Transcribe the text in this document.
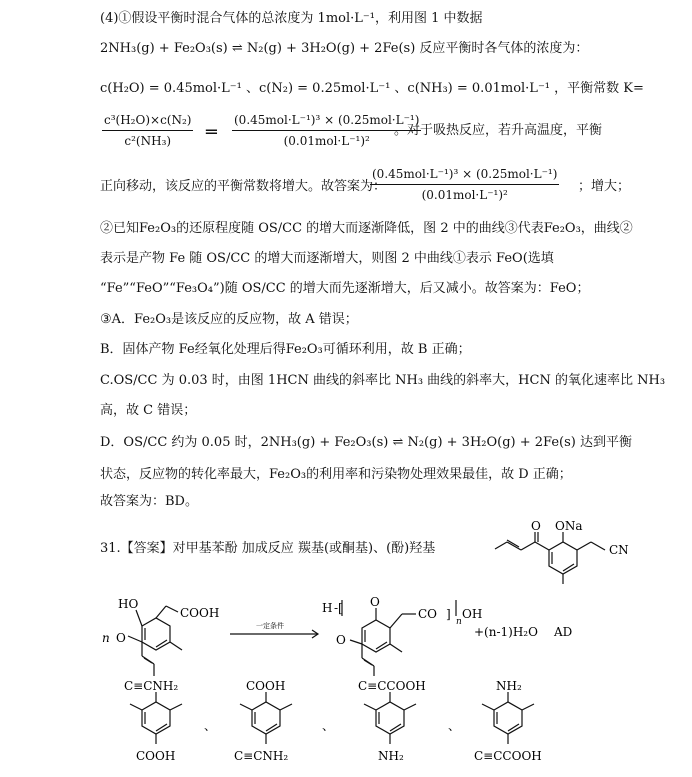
(4)①假设平衡时混合气体的总浓度为 1mol·L⁻¹，利用图 1 中数据
2NH₃(g) + Fe₂O₃(s) ⇌ N₂(g) + 3H₂O(g) + 2Fe(s) 反应平衡时各气体的浓度为：
c(H₂O) = 0.45mol·L⁻¹ 、c(N₂) = 0.25mol·L⁻¹ 、c(NH₃) = 0.01mol·L⁻¹ ，平衡常数 K=
$\frac{\text{c³(H₂O)×c(N₂)}}{\text{c²(NH₃)}}$ ═
(0.45mol·L⁻¹)³ × (0.25mol·L⁻¹)
(0.01mol·L⁻¹)²
。对于吸热反应，若升高温度，平衡
正向移动，该反应的平衡常数将增大。故答案为：
(0.45mol·L⁻¹)³ × (0.25mol·L⁻¹)
(0.01mol·L⁻¹)²
；增大；
②已知Fe₂O₃的还原程度随 OS/CC 的增大而逐渐降低，图 2 中的曲线③代表Fe₂O₃，曲线②
表示是产物 Fe 随 OS/CC 的增大而逐渐增大，则图 2 中曲线①表示 FeO(选填
“Fe”“FeO”“Fe₃O₄”)随 OS/CC 的增大而先逐渐增大，后又减小。故答案为：FeO；
③A．Fe₂O₃是该反应的反应物，故 A 错误；
B．固体产物 Fe经氧化处理后得Fe₂O₃可循环利用，故 B 正确；
C.OS/CC 为 0.03 时，由图 1HCN 曲线的斜率比 NH₃ 曲线的斜率大，HCN 的氧化速率比 NH₃
高，故 C 错误；
D．OS/CC 约为 0.05 时，2NH₃(g) + Fe₂O₃(s) ⇌ N₂(g) + 3H₂O(g) + 2Fe(s) 达到平衡
状态，反应物的转化率最大，Fe₂O₃的利用率和污染物处理效果最佳，故 D 正确；
故答案为：BD。
31.【答案】对甲基苯酚 加成反应 羰基(或酮基)、(酚)羟基
ONa
CN
O
n
HO
COOH
O
一定条件
H -[ O
CO ]
n
OH
O
+(n-1)H₂O AD
C≡CNH₂
COOH
、
COOH
C≡CNH₂
、
C≡CCOOH
NH₂
、
NH₂
C≡CCOOH
